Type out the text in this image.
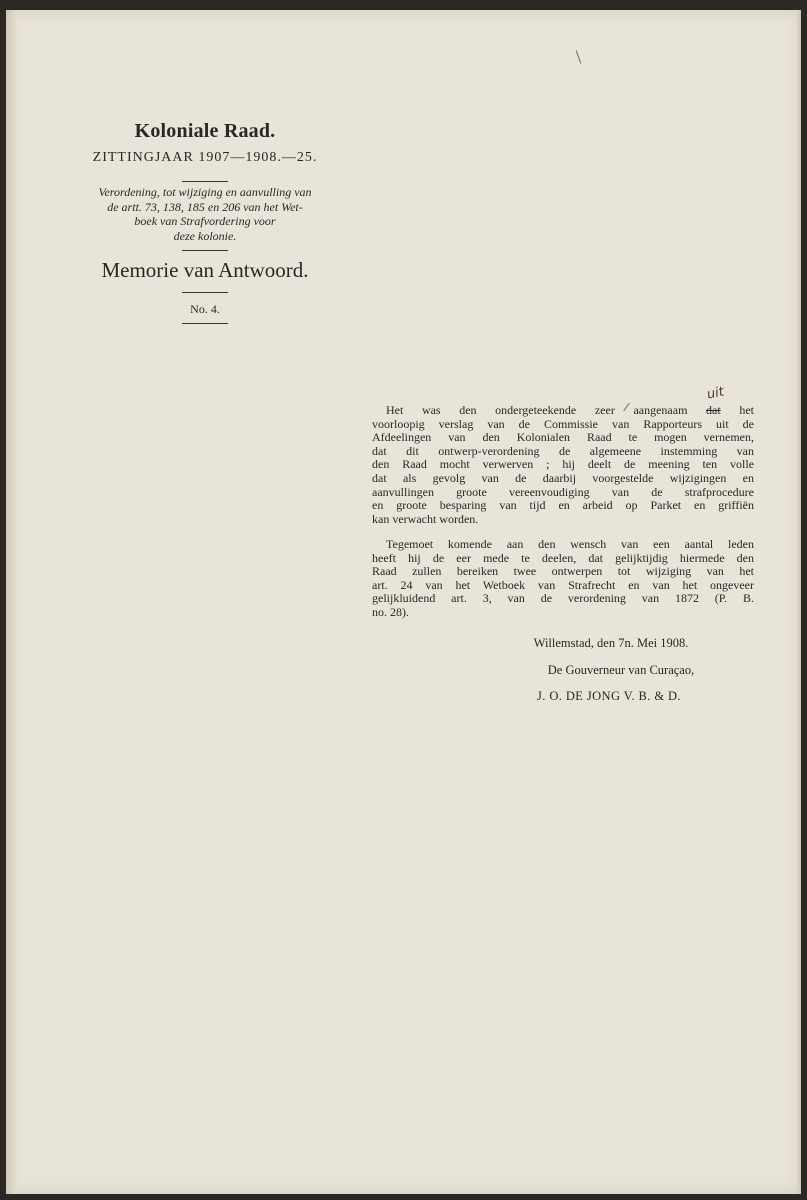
Koloniale Raad.
ZITTINGJAAR 1907—1908.—25.
Verordening, tot wijziging en aanvulling van
de artt. 73, 138, 185 en 206 van het Wet-
boek van Strafvordering voor
deze kolonie.
Memorie van Antwoord.
No. 4.
uit
Het was den ondergeteekende zeer aangenaam dat het
voorloopig verslag van de Commissie van Rapporteurs uit de
Afdeelingen van den Kolonialen Raad te mogen vernemen,
dat dit ontwerp-verordening de algemeene instemming van
den Raad mocht verwerven ; hij deelt de meening ten volle
dat als gevolg van de daarbij voorgestelde wijzigingen en
aanvullingen groote vereenvoudiging van de strafprocedure
en groote besparing van tijd en arbeid op Parket en griffiën
kan verwacht worden.
Tegemoet komende aan den wensch van een aantal leden
heeft hij de eer mede te deelen, dat gelijktijdig hiermede den
Raad zullen bereiken twee ontwerpen tot wijziging van het
art. 24 van het Wetboek van Strafrecht en van het ongeveer
gelijkluidend art. 3, van de verordening van 1872 (P. B.
no. 28).
Willemstad, den 7n. Mei 1908.
De Gouverneur van Curaçao,
J. O. DE JONG V. B. & D.
